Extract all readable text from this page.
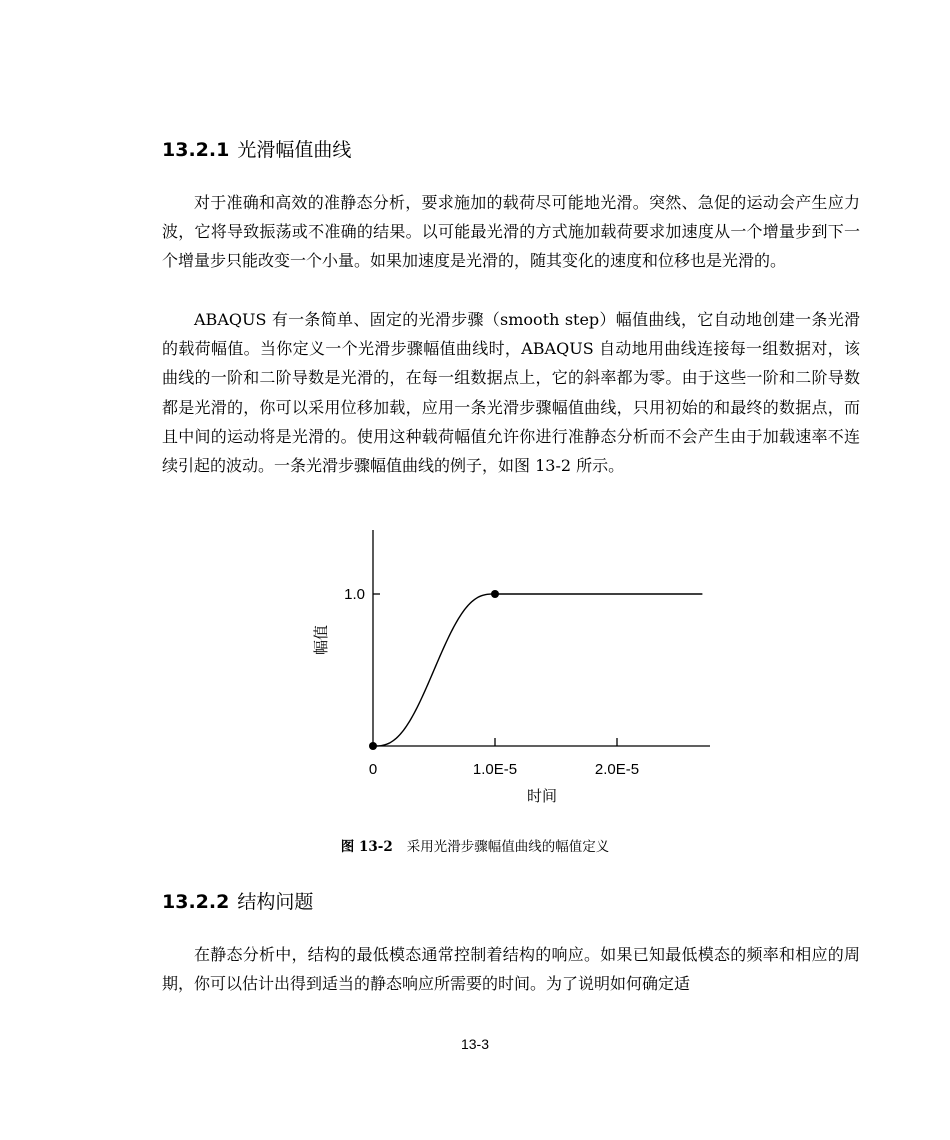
13.2.1 光滑幅值曲线

对于准确和高效的准静态分析，要求施加的载荷尽可能地光滑。突然、急促的运动会产生应力波，它将导致振荡或不准确的结果。以可能最光滑的方式施加载荷要求加速度从一个增量步到下一个增量步只能改变一个小量。如果加速度是光滑的，随其变化的速度和位移也是光滑的。

ABAQUS 有一条简单、固定的光滑步骤（smooth step）幅值曲线，它自动地创建一条光滑的载荷幅值。当你定义一个光滑步骤幅值曲线时，ABAQUS 自动地用曲线连接每一组数据对，该曲线的一阶和二阶导数是光滑的，在每一组数据点上，它的斜率都为零。由于这些一阶和二阶导数都是光滑的，你可以采用位移加载，应用一条光滑步骤幅值曲线，只用初始的和最终的数据点，而且中间的运动将是光滑的。使用这种载荷幅值允许你进行准静态分析而不会产生由于加载速率不连续引起的波动。一条光滑步骤幅值曲线的例子，如图 13-2 所示。

幅值
时间
0	1.0E-5	2.0E-5
1.0
图 13-2 采用光滑步骤幅值曲线的幅值定义
13.2.2 结构问题

在静态分析中，结构的最低模态通常控制着结构的响应。如果已知最低模态的频率和相应的周期，你可以估计出得到适当的静态响应所需要的时间。为了说明如何确定适

13-3
